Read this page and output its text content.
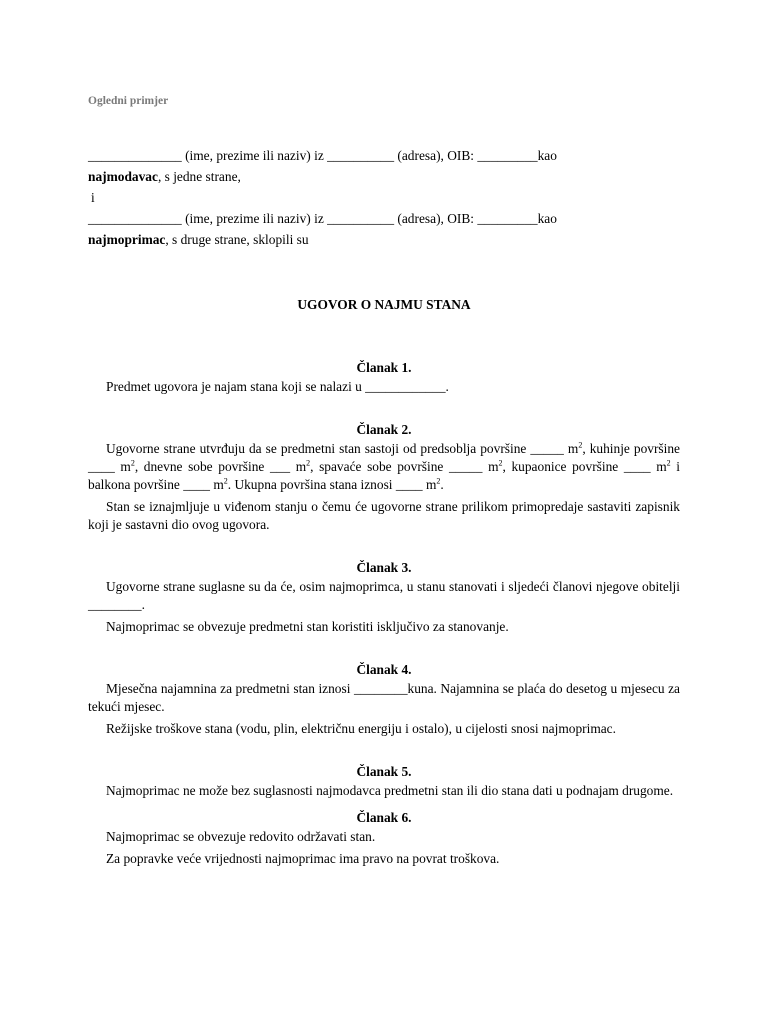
Ogledni primjer

______________ (ime, prezime ili naziv) iz __________ (adresa), OIB: _________kao

najmodavac, s jedne strane,

i

______________ (ime, prezime ili naziv) iz __________ (adresa), OIB: _________kao

najmoprimac, s druge strane, sklopili su

UGOVOR O NAJMU STANA
Članak 1.

Predmet ugovora je najam stana koji se nalazi u ____________.

Članak 2.

Ugovorne strane utvrđuju da se predmetni stan sastoji od predsoblja površine _____ $m^2$, kuhinje površine ____ $m^2$, dnevne sobe površine ___ $m^2$, spavaće sobe površine _____ $m^2$, kupaonice površine ____ $m^2$ i balkona površine ____ $m^2$. Ukupna površina stana iznosi ____ $m^2$.

Stan se iznajmljuje u viđenom stanju o čemu će ugovorne strane prilikom primopredaje sastaviti zapisnik koji je sastavni dio ovog ugovora.

Članak 3.

Ugovorne strane suglasne su da će, osim najmoprimca, u stanu stanovati i sljedeći članovi njegove obitelji ________.

Najmoprimac se obvezuje predmetni stan koristiti isključivo za stanovanje.

Članak 4.

Mjesečna najamnina za predmetni stan iznosi ________kuna. Najamnina se plaća do desetog u mjesecu za tekući mjesec.

Režijske troškove stana (vodu, plin, električnu energiju i ostalo), u cijelosti snosi najmoprimac.

Članak 5.

Najmoprimac ne može bez suglasnosti najmodavca predmetni stan ili dio stana dati u podnajam drugome.

Članak 6.

Najmoprimac se obvezuje redovito održavati stan.

Za popravke veće vrijednosti najmoprimac ima pravo na povrat troškova.
